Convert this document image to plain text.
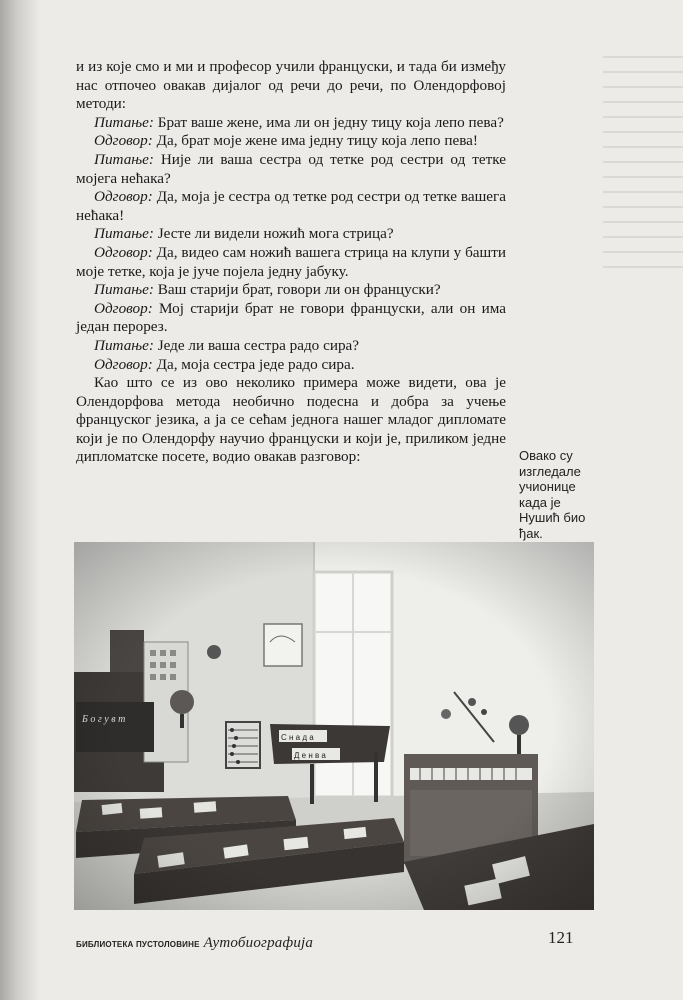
и из које смо и ми и професор учили француски, и тада би између нас отпочео овакав дијалог од речи до речи, по Олендорфовој методи:

Питање: Брат ваше жене, има ли он једну тицу која лепо пева?

Одговор: Да, брат моје жене има једну тицу која лепо пева!

Питање: Није ли ваша сестра од тетке род сестри од тетке мојега нећака?

Одговор: Да, моја је сестра од тетке род сестри од тетке вашега нећака!

Питање: Јесте ли видели ножић мога стрица?

Одговор: Да, видео сам ножић вашега стрица на клупи у башти моје тетке, која је јуче појела једну јабуку.

Питање: Ваш старији брат, говори ли он француски?

Одговор: Мој старији брат не говори француски, али он има један перорез.

Питање: Једе ли ваша сестра радо сира?

Одговор: Да, моја сестра једе радо сира.

Као што се из ово неколико примера може видети, ова је Олендорфова метода необично подесна и добра за учење француског језика, а ја се сећам једнога нашег младог дипломате који је по Олендорфу научио француски и који је, приликом једне дипломатске посете, водио овакав разговор:	Овако су изгледале учионице када је Нушић био ђак.
БИБЛИОТЕКА ПУСТОЛОВИНЕ Аутобиографија	121
